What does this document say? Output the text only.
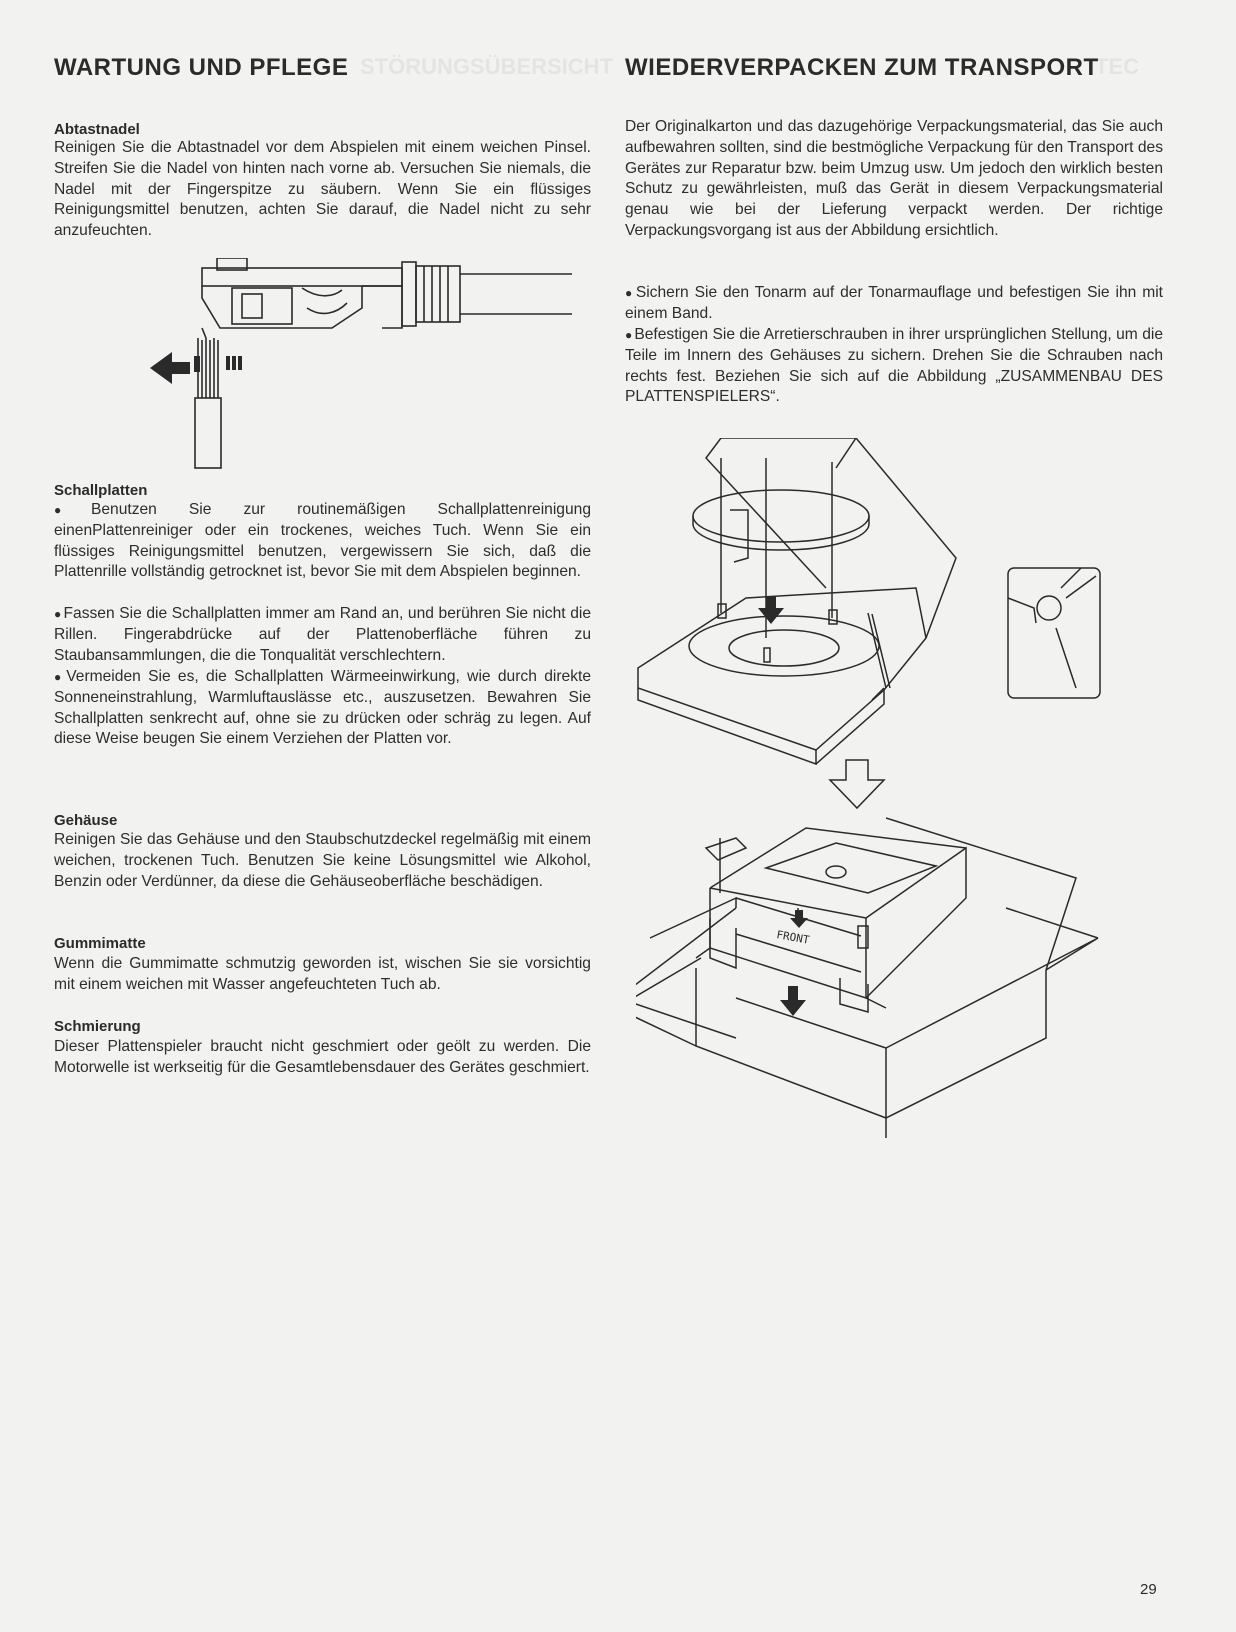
STÖRUNGSÜBERSICHT	TEC
WARTUNG UND PFLEGE
Abtastnadel

Reinigen Sie die Abtastnadel vor dem Abspielen mit einem weichen Pinsel. Streifen Sie die Nadel von hinten nach vorne ab. Versuchen Sie niemals, die Nadel mit der Fingerspitze zu säubern. Wenn Sie ein flüssiges Reinigungsmittel benutzen, achten Sie darauf, die Nadel nicht zu sehr anzufeuchten.

Schallplatten

● Benutzen Sie zur routinemäßigen Schallplattenreinigung einenPlattenreiniger oder ein trockenes, weiches Tuch. Wenn Sie ein flüssiges Reinigungsmittel benutzen, vergewissern Sie sich, daß die Plattenrille vollständig getrocknet ist, bevor Sie mit dem Abspielen beginnen.

● Fassen Sie die Schallplatten immer am Rand an, und berühren Sie nicht die Rillen. Fingerabdrücke auf der Plattenoberfläche führen zu Staubansammlungen, die die Tonqualität verschlechtern.

● Vermeiden Sie es, die Schallplatten Wärmeeinwirkung, wie durch direkte Sonneneinstrahlung, Warmluftauslässe etc., auszusetzen. Bewahren Sie Schallplatten senkrecht auf, ohne sie zu drücken oder schräg zu legen. Auf diese Weise beugen Sie einem Verziehen der Platten vor.

Gehäuse

Reinigen Sie das Gehäuse und den Staubschutzdeckel regelmäßig mit einem weichen, trockenen Tuch. Benutzen Sie keine Lösungsmittel wie Alkohol, Benzin oder Verdünner, da diese die Gehäuseoberfläche beschädigen.

Gummimatte

Wenn die Gummimatte schmutzig geworden ist, wischen Sie sie vorsichtig mit einem weichen mit Wasser angefeuchteten Tuch ab.

Schmierung

Dieser Plattenspieler braucht nicht geschmiert oder geölt zu werden. Die Motorwelle ist werkseitig für die Gesamtlebensdauer des Gerätes geschmiert.

WIEDERVERPACKEN ZUM TRANSPORT

Der Originalkarton und das dazugehörige Verpackungsmaterial, das Sie auch aufbewahren sollten, sind die bestmögliche Verpackung für den Transport des Gerätes zur Reparatur bzw. beim Umzug usw. Um jedoch den wirklich besten Schutz zu gewährleisten, muß das Gerät in diesem Verpackungsmaterial genau wie bei der Lieferung verpackt werden. Der richtige Verpackungsvorgang ist aus der Abbildung ersichtlich.

● Sichern Sie den Tonarm auf der Tonarmauflage und befestigen Sie ihn mit einem Band.

● Befestigen Sie die Arretierschrauben in ihrer ursprünglichen Stellung, um die Teile im Innern des Gehäuses zu sichern. Drehen Sie die Schrauben nach rechts fest. Beziehen Sie sich auf die Abbildung „ZUSAMMENBAU DES PLATTENSPIELERS“.

FRONT
29
